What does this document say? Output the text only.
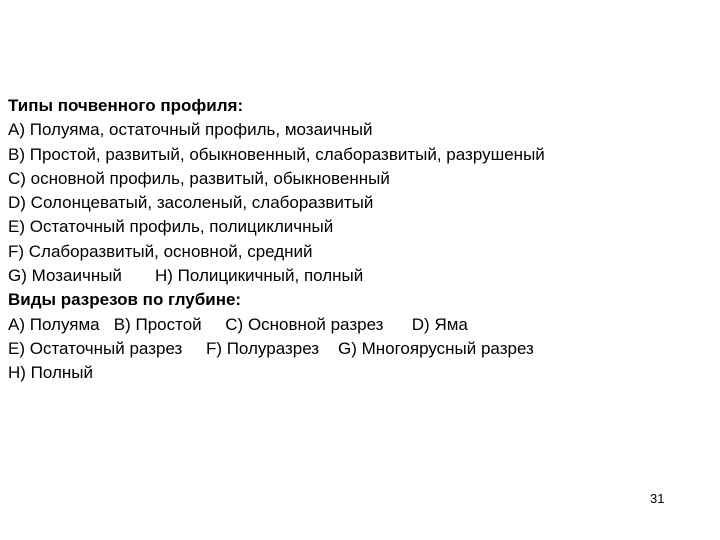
Типы почвенного профиля:
A) Полуяма, остаточный профиль, мозаичный
B) Простой, развитый, обыкновенный, слаборазвитый, разрушеный
C) основной профиль, развитый, обыкновенный
D) Солонцеватый, засоленый, слаборазвитый
E) Остаточный профиль, полицикличный
F) Слаборазвитый, основной, средний
G) Мозаичный       H) Полицикичный, полный
Виды разрезов по глубине:
A) Полуяма   B) Простой     C) Основной разрез      D) Яма
E) Остаточный разрез     F) Полуразрез    G) Многоярусный разрез
H) Полный
31
